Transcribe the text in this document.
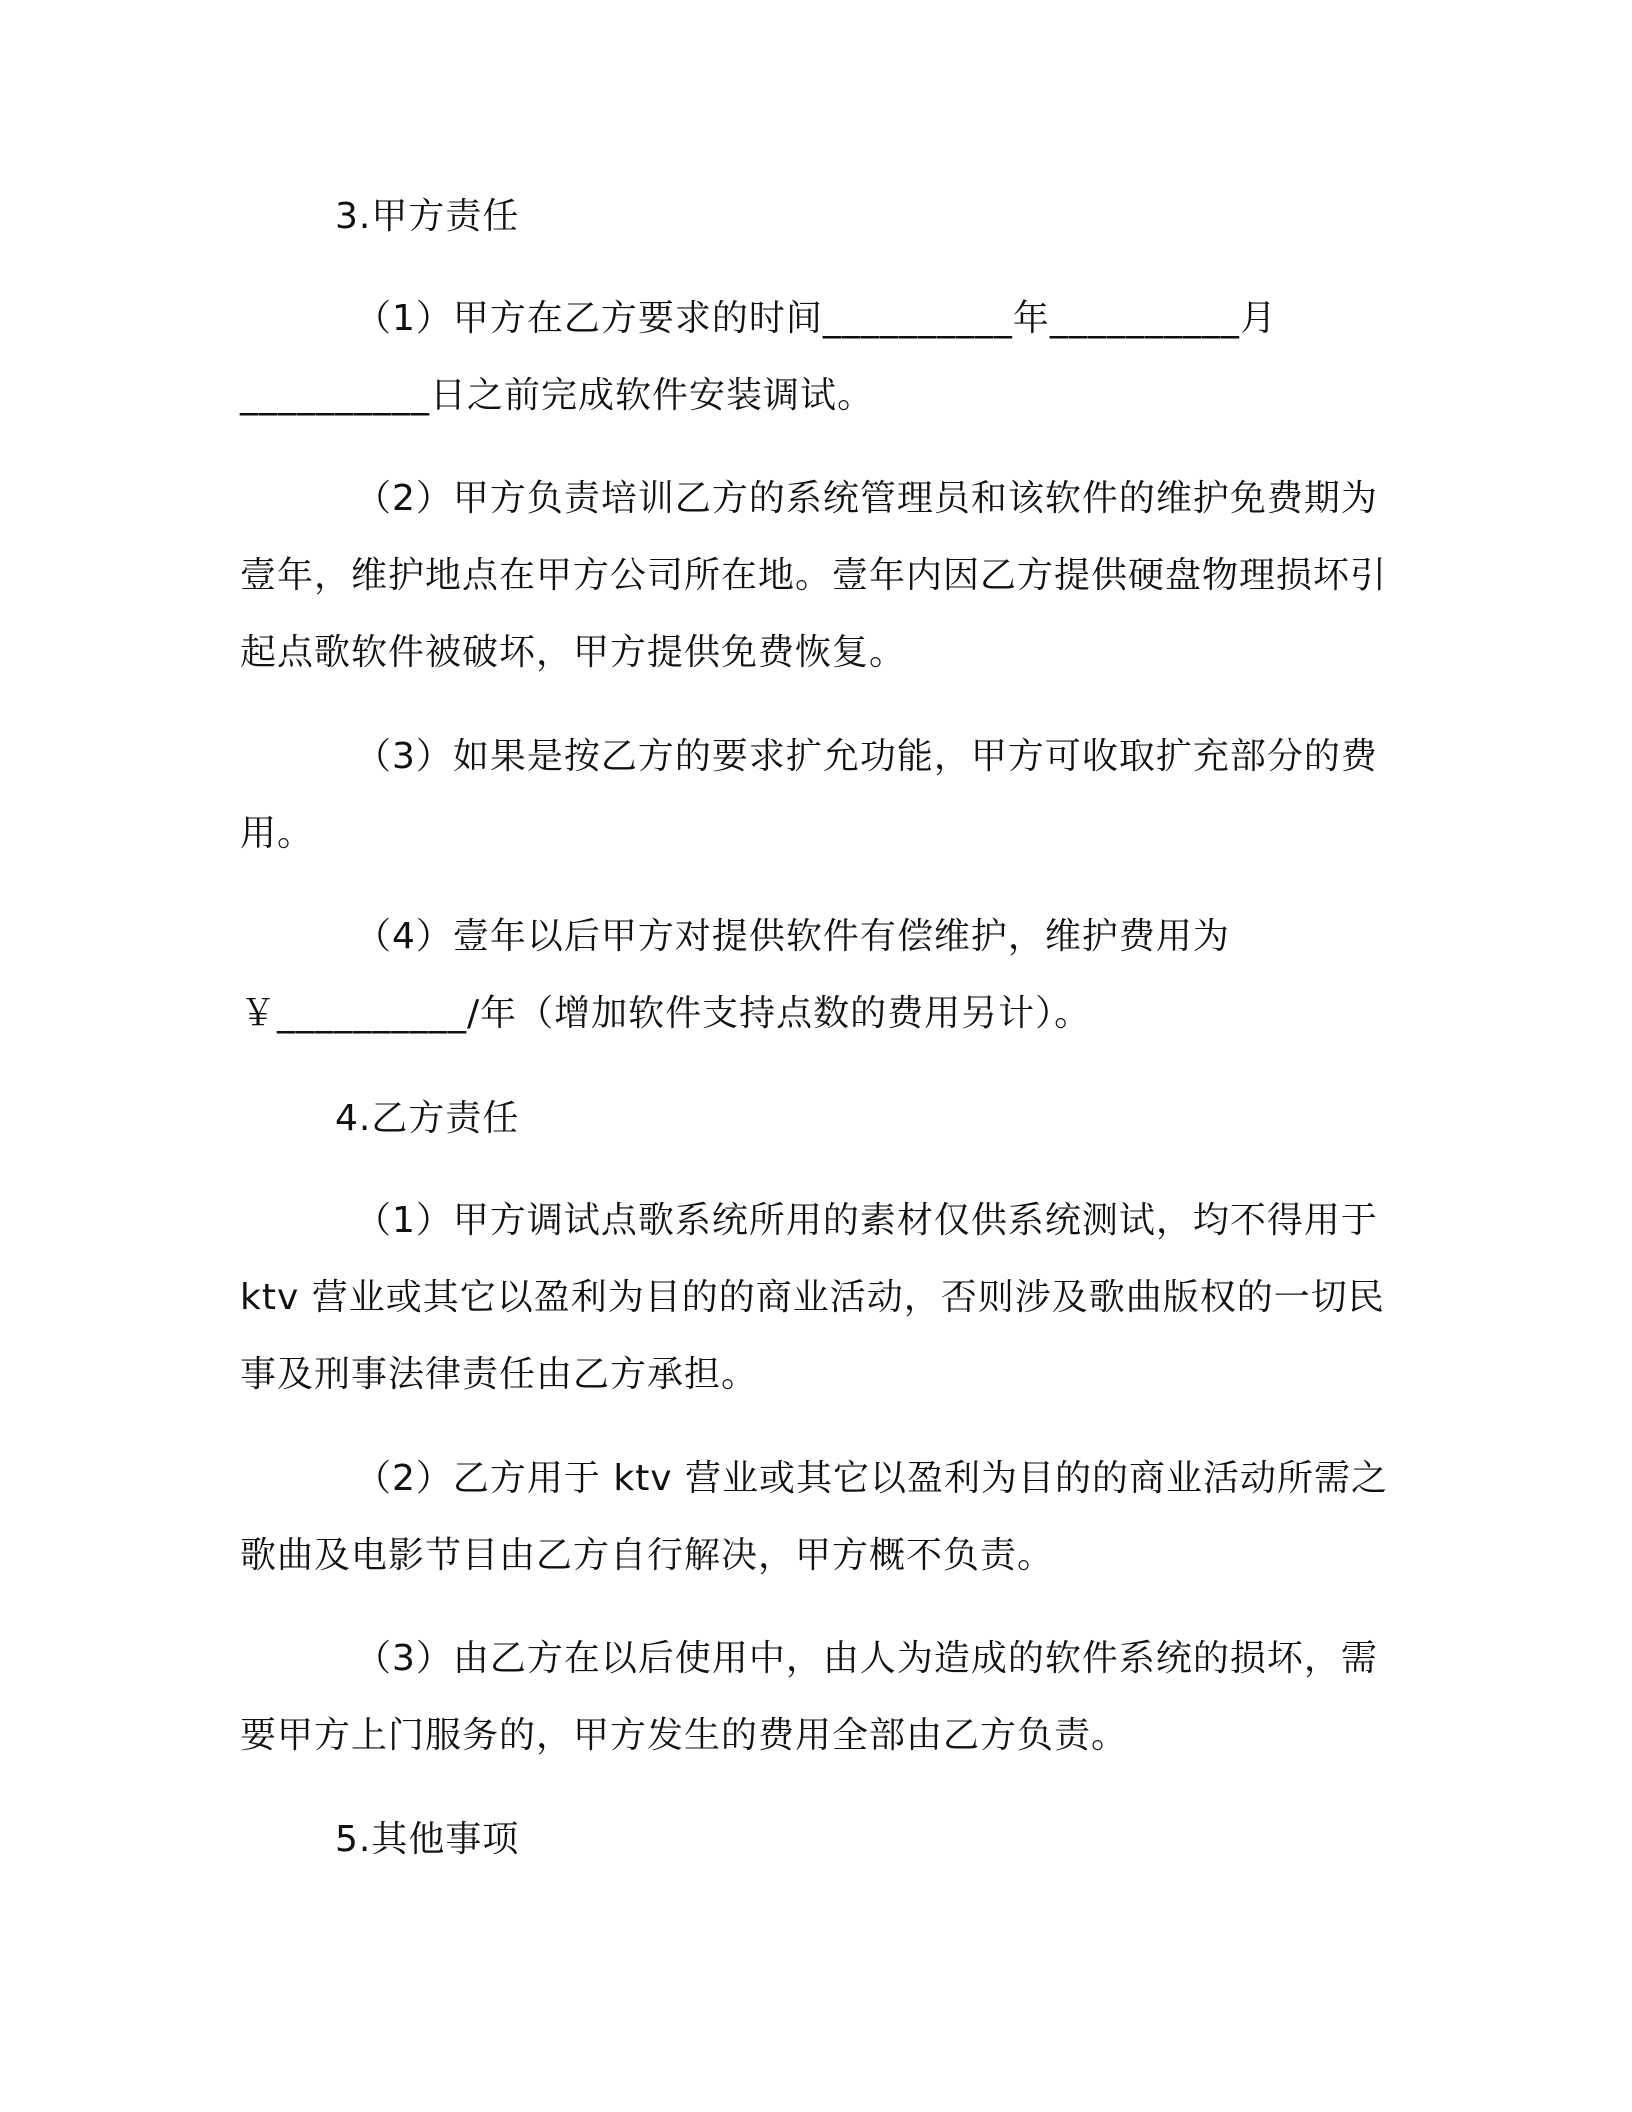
3.甲方责任

（1）甲方在乙方要求的时间__________年__________月__________日之前完成软件安装调试。

（2）甲方负责培训乙方的系统管理员和该软件的维护免费期为壹年，维护地点在甲方公司所在地。壹年内因乙方提供硬盘物理损坏引起点歌软件被破坏，甲方提供免费恢复。

（3）如果是按乙方的要求扩允功能，甲方可收取扩充部分的费用。

（4）壹年以后甲方对提供软件有偿维护，维护费用为￥__________/年（增加软件支持点数的费用另计）。

4.乙方责任

（1）甲方调试点歌系统所用的素材仅供系统测试，均不得用于ktv 营业或其它以盈利为目的的商业活动，否则涉及歌曲版权的一切民事及刑事法律责任由乙方承担。

（2）乙方用于 ktv 营业或其它以盈利为目的的商业活动所需之歌曲及电影节目由乙方自行解决，甲方概不负责。

（3）由乙方在以后使用中，由人为造成的软件系统的损坏，需要甲方上门服务的，甲方发生的费用全部由乙方负责。

5.其他事项
